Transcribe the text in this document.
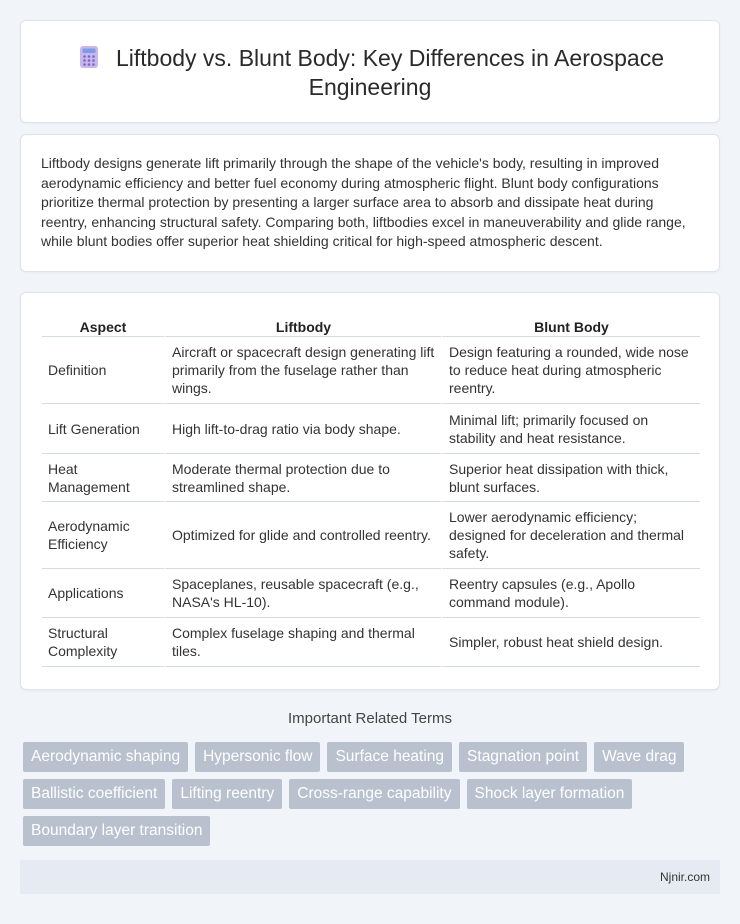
Liftbody vs. Blunt Body: Key Differences in Aerospace Engineering

Liftbody designs generate lift primarily through the shape of the vehicle's body, resulting in improved aerodynamic efficiency and better fuel economy during atmospheric flight. Blunt body configurations prioritize thermal protection by presenting a larger surface area to absorb and dissipate heat during reentry, enhancing structural safety. Comparing both, liftbodies excel in maneuverability and glide range, while blunt bodies offer superior heat shielding critical for high-speed atmospheric descent.

Aspect	Liftbody	Blunt Body
Definition	Aircraft or spacecraft design generating lift primarily from the fuselage rather than wings.	Design featuring a rounded, wide nose to reduce heat during atmospheric reentry.
Lift Generation	High lift-to-drag ratio via body shape.	Minimal lift; primarily focused on stability and heat resistance.
Heat Management	Moderate thermal protection due to streamlined shape.	Superior heat dissipation with thick, blunt surfaces.
Aerodynamic Efficiency	Optimized for glide and controlled reentry.	Lower aerodynamic efficiency; designed for deceleration and thermal safety.
Applications	Spaceplanes, reusable spacecraft (e.g., NASA's HL-10).	Reentry capsules (e.g., Apollo command module).
Structural Complexity	Complex fuselage shaping and thermal tiles.	Simpler, robust heat shield design.
Important Related Terms
Aerodynamic shaping	Hypersonic flow	Surface heating	Stagnation point	Wave drag
Ballistic coefficient	Lifting reentry	Cross-range capability	Shock layer formation
Boundary layer transition
Njnir.com
